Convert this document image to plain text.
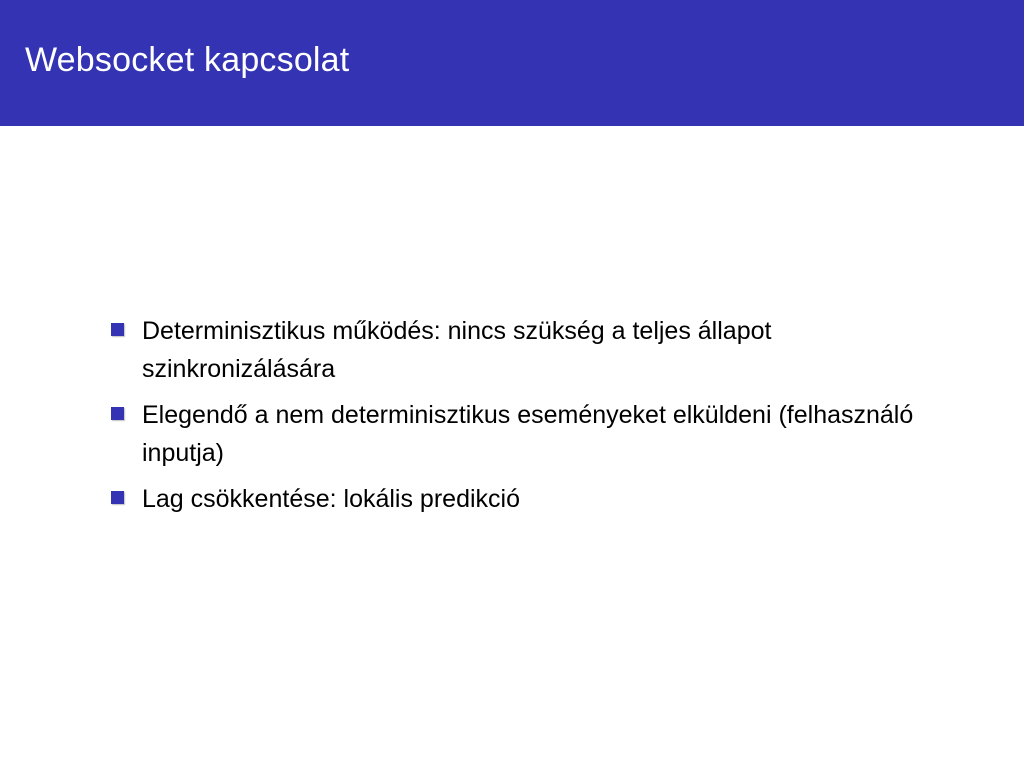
Websocket kapcsolat
Determinisztikus működés: nincs szükség a teljes állapot szinkronizálására
Elegendő a nem determinisztikus eseményeket elküldeni (felhasználó inputja)
Lag csökkentése: lokális predikció
